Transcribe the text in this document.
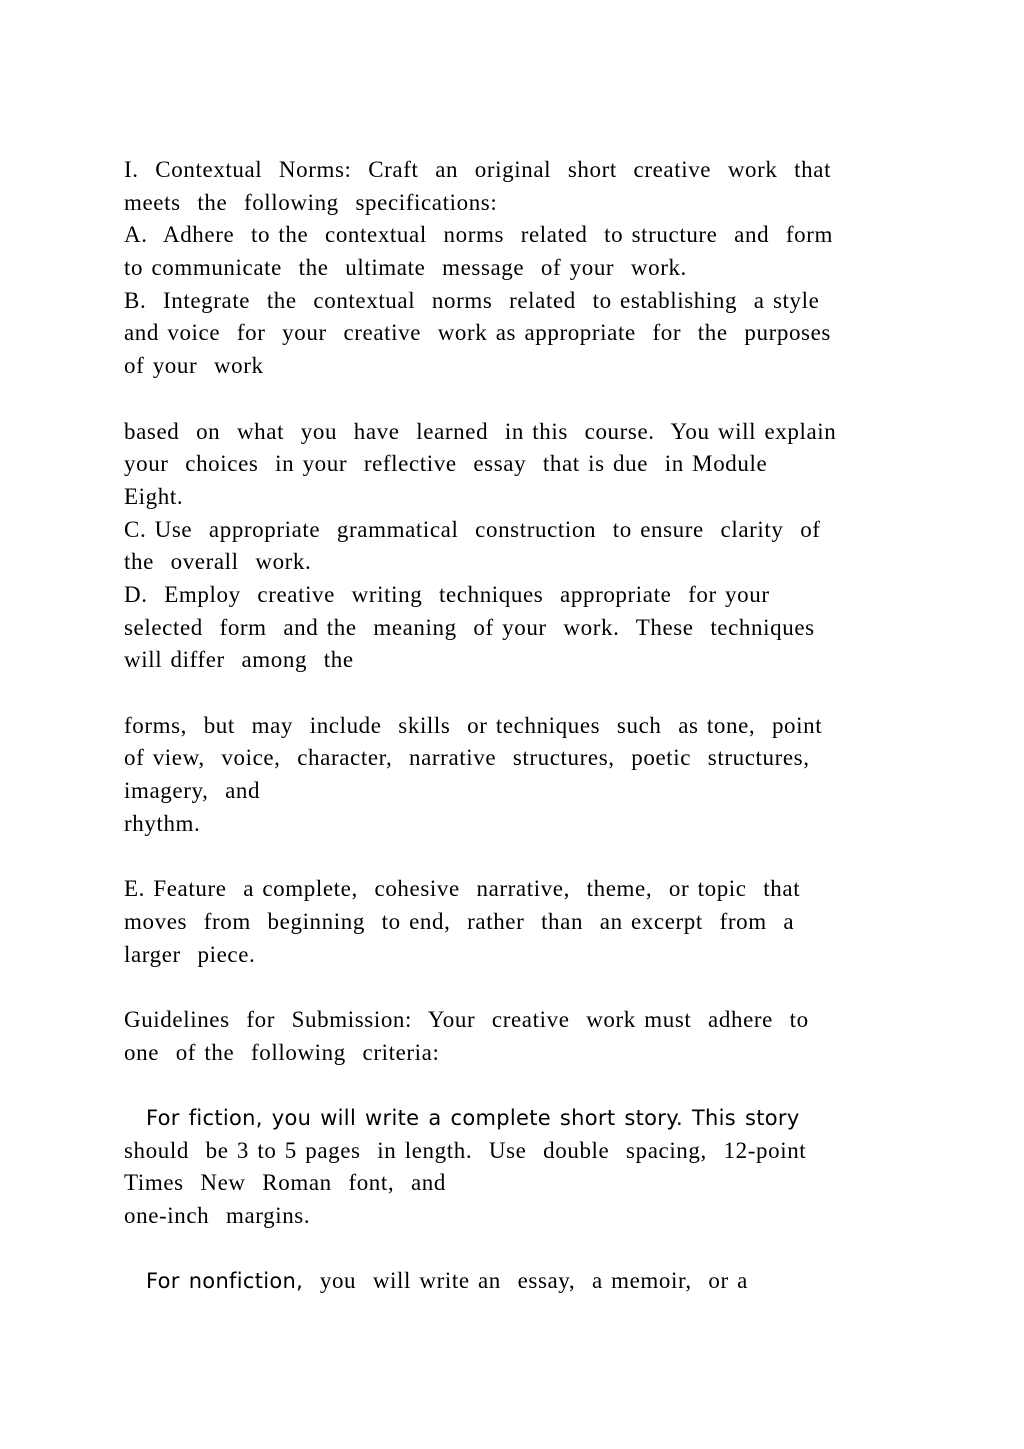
I.  Contextual  Norms:  Craft  an  original  short  creative  work  that
meets  the  following  specifications:
A.  Adhere  to the  contextual  norms  related  to structure  and  form
to communicate  the  ultimate  message  of your  work.
B.  Integrate  the  contextual  norms  related  to establishing  a style
and voice  for  your  creative  work as appropriate  for  the  purposes
of your  work
based  on  what  you  have  learned  in this  course.  You will explain
your  choices  in your  reflective  essay  that is due  in Module
Eight.
C. Use  appropriate  grammatical  construction  to ensure  clarity  of
the  overall  work.
D.  Employ  creative  writing  techniques  appropriate  for your
selected  form  and the  meaning  of your  work.  These  techniques
will differ  among  the
forms,  but  may  include  skills  or techniques  such  as tone,  point
of view,  voice,  character,  narrative  structures,  poetic  structures,
imagery,  and
rhythm.
E. Feature  a complete,  cohesive  narrative,  theme,  or topic  that
moves  from  beginning  to end,  rather  than  an excerpt  from  a
larger  piece.
Guidelines  for  Submission:  Your  creative  work must  adhere  to
one  of the  following  criteria:
For fiction, you will write a complete short story. This story
should  be 3 to 5 pages  in length.  Use  double  spacing,  12-point
Times  New  Roman  font,  and
one-inch  margins.
For nonfiction,  you  will write an  essay,  a memoir,  or a
